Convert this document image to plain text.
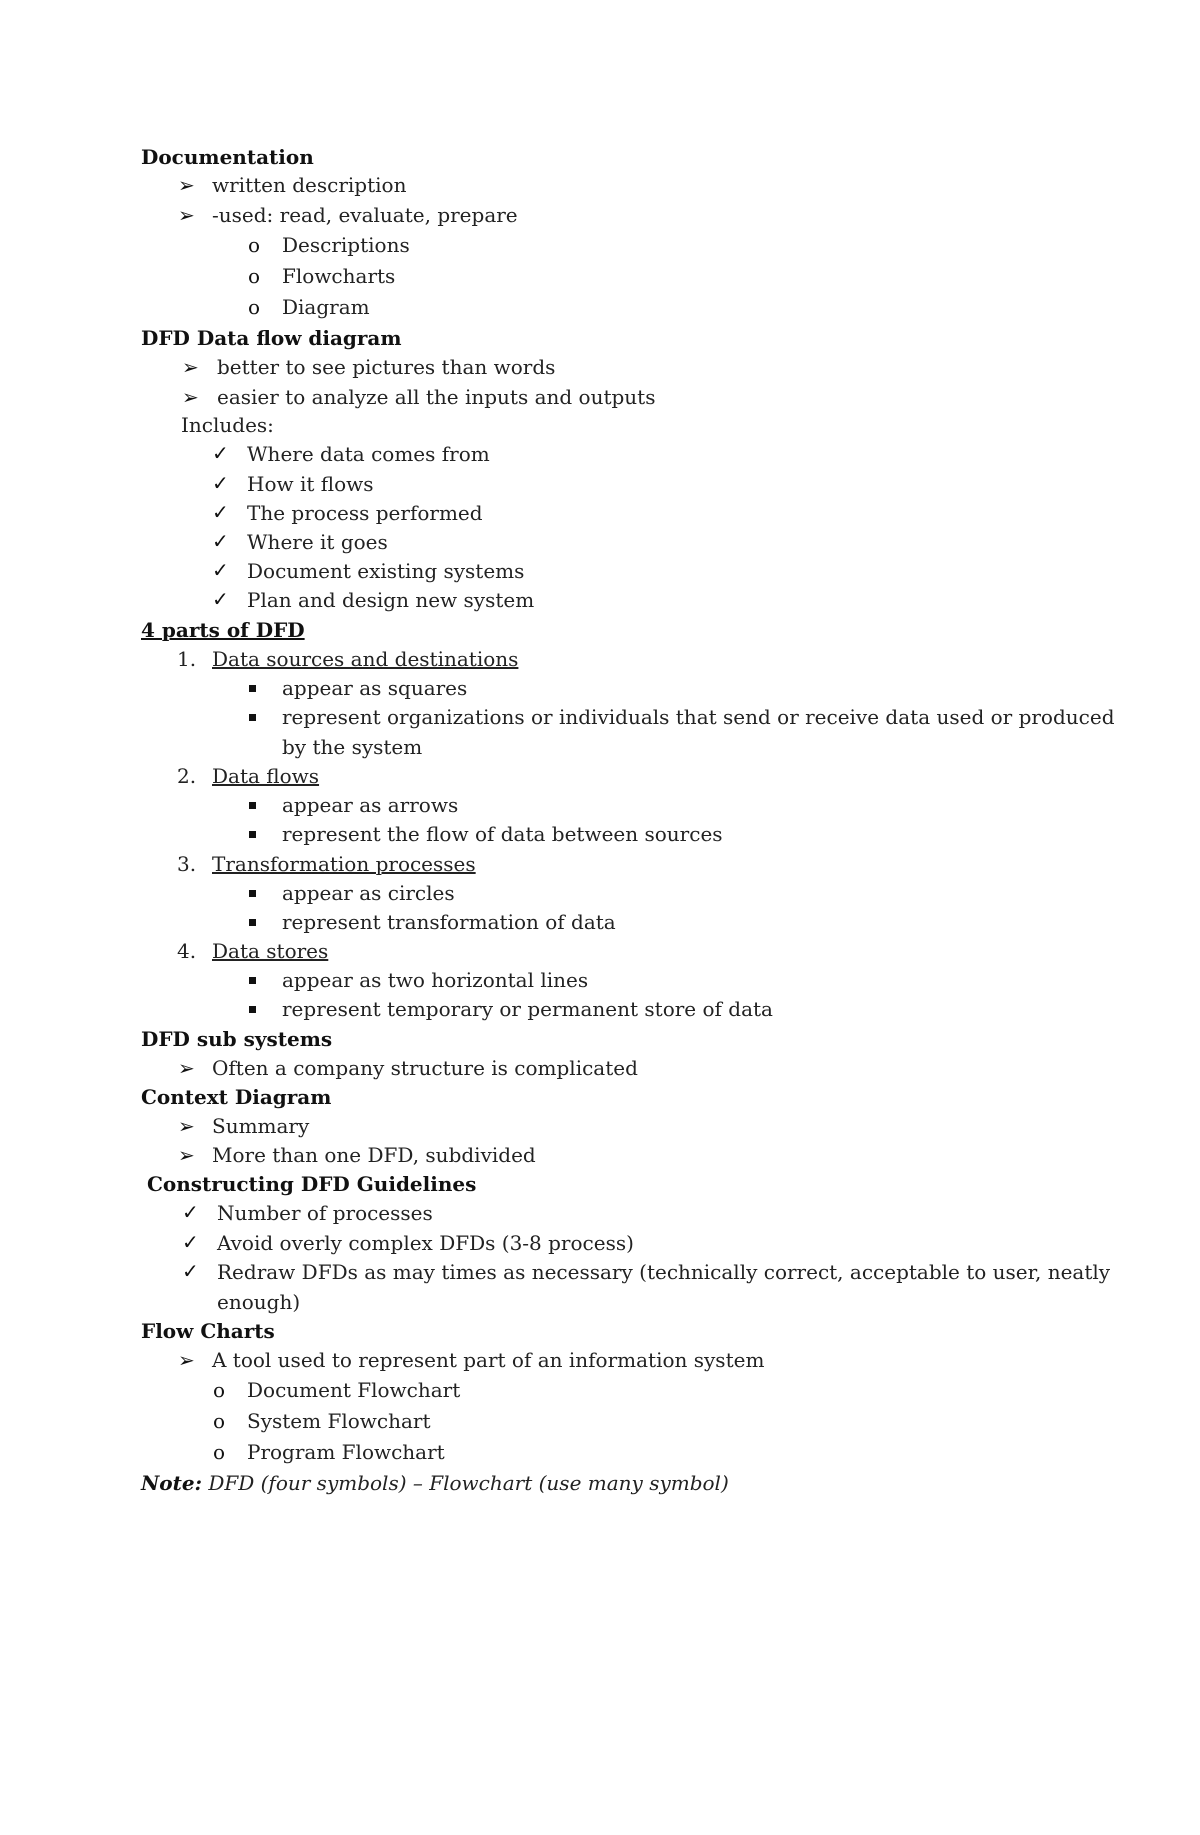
Documentation
➢ written description
➢ -used: read, evaluate, prepare
o Descriptions
o Flowcharts
o Diagram
DFD Data flow diagram
➢ better to see pictures than words
➢ easier to analyze all the inputs and outputs
Includes:
✓ Where data comes from
✓ How it flows
✓ The process performed
✓ Where it goes
✓ Document existing systems
✓ Plan and design new system
4 parts of DFD
1. Data sources and destinations
appear as squares
represent organizations or individuals that send or receive data used or produced
by the system
2. Data flows
appear as arrows
represent the flow of data between sources
3. Transformation processes
appear as circles
represent transformation of data
4. Data stores
appear as two horizontal lines
represent temporary or permanent store of data
DFD sub systems
➢ Often a company structure is complicated
Context Diagram
➢ Summary
➢ More than one DFD, subdivided
Constructing DFD Guidelines
✓ Number of processes
✓ Avoid overly complex DFDs (3-8 process)
✓ Redraw DFDs as may times as necessary (technically correct, acceptable to user, neatly
enough)
Flow Charts
➢ A tool used to represent part of an information system
o Document Flowchart
o System Flowchart
o Program Flowchart
Note: DFD (four symbols) – Flowchart (use many symbol)
